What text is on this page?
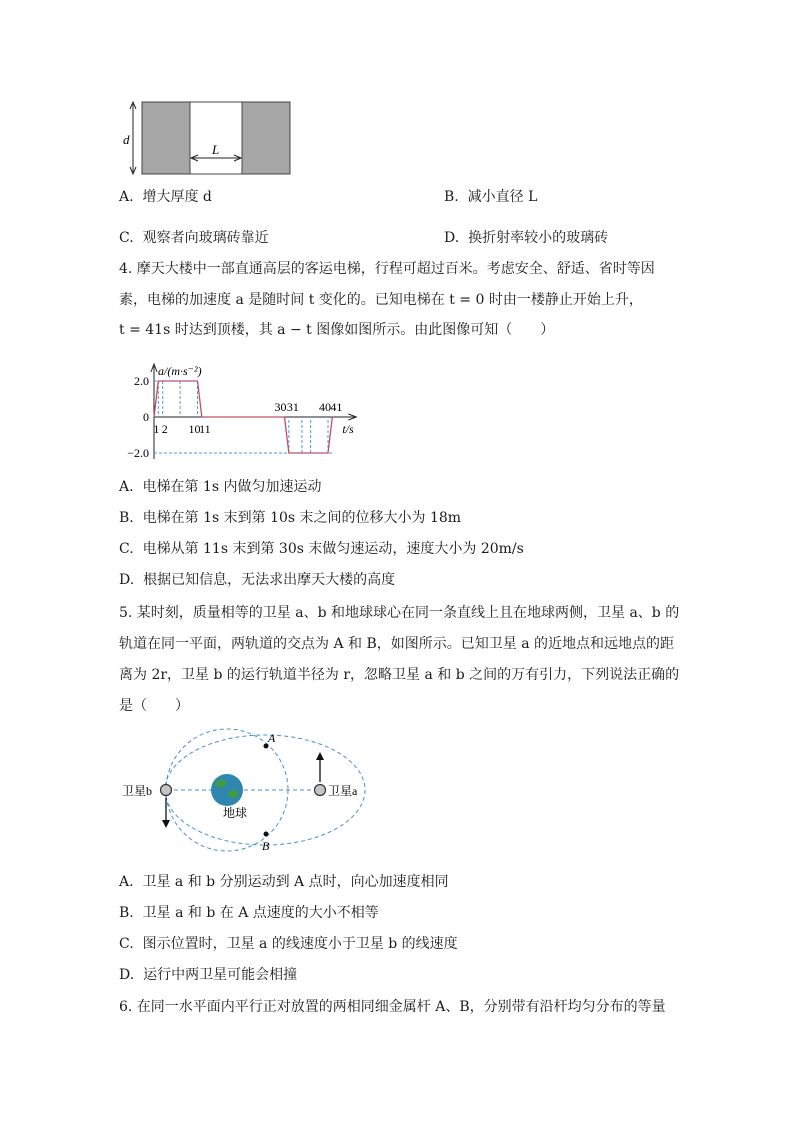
d
L
A. 增大厚度 d	B. 减小直径 L
C. 观察者向玻璃砖靠近	D. 换折射率较小的玻璃砖
4. 摩天大楼中一部直通高层的客运电梯，行程可超过百米。考虑安全、舒适、省时等因
素，电梯的加速度 a 是随时间 t 变化的。已知电梯在 t = 0 时由一楼静止开始上升，
t = 41s 时达到顶楼，其 a − t 图像如图所示。由此图像可知（　　）
2.0
0
−2.0
1 2 10
11
30 31 40 41
a/(m·s⁻²)
t/s
A. 电梯在第 1s 内做匀加速运动
B. 电梯在第 1s 末到第 10s 末之间的位移大小为 18m
C. 电梯从第 11s 末到第 30s 末做匀速运动，速度大小为 20m/s
D. 根据已知信息，无法求出摩天大楼的高度
5. 某时刻，质量相等的卫星 a、b 和地球球心在同一条直线上且在地球两侧，卫星 a、b 的
轨道在同一平面，两轨道的交点为 A 和 B，如图所示。已知卫星 a 的近地点和远地点的距
离为 2r，卫星 b 的运行轨道半径为 r，忽略卫星 a 和 b 之间的万有引力，下列说法正确的
是（　　）
A
B
卫星b	卫星a
地球
A. 卫星 a 和 b 分别运动到 A 点时，向心加速度相同
B. 卫星 a 和 b 在 A 点速度的大小不相等
C. 图示位置时，卫星 a 的线速度小于卫星 b 的线速度
D. 运行中两卫星可能会相撞
6. 在同一水平面内平行正对放置的两相同细金属杆 A、B，分别带有沿杆均匀分布的等量
